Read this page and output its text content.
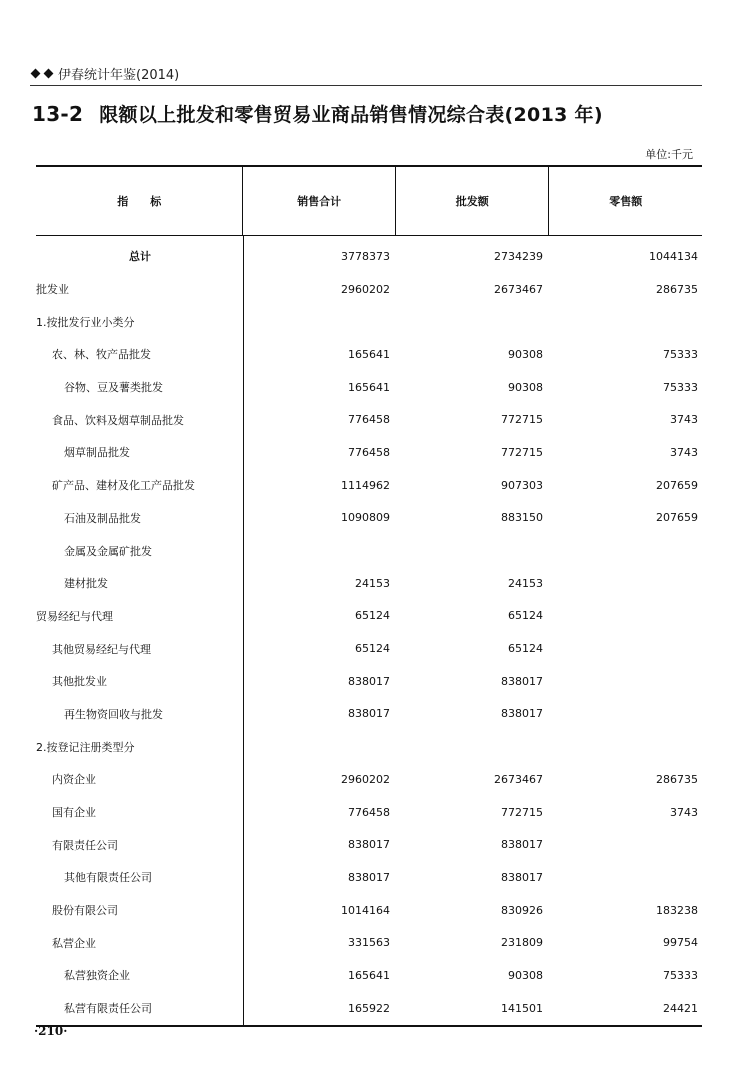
伊春统计年鉴(2014)
13-2 限额以上批发和零售贸易业商品销售情况综合表(2013 年)
单位:千元
指标	销售合计	批发额	零售额
总计	3778373	2734239	1044134
批发业	2960202	2673467	286735
1.按批发行业小类分
农、林、牧产品批发	165641	90308	75333
谷物、豆及薯类批发	165641	90308	75333
食品、饮料及烟草制品批发	776458	772715	3743
烟草制品批发	776458	772715	3743
矿产品、建材及化工产品批发	1114962	907303	207659
石油及制品批发	1090809	883150	207659
金属及金属矿批发
建材批发	24153	24153
贸易经纪与代理	65124	65124
其他贸易经纪与代理	65124	65124
其他批发业	838017	838017
再生物资回收与批发	838017	838017
2.按登记注册类型分
内资企业	2960202	2673467	286735
国有企业	776458	772715	3743
有限责任公司	838017	838017
其他有限责任公司	838017	838017
股份有限公司	1014164	830926	183238
私营企业	331563	231809	99754
私营独资企业	165641	90308	75333
私营有限责任公司	165922	141501	24421
·210·
